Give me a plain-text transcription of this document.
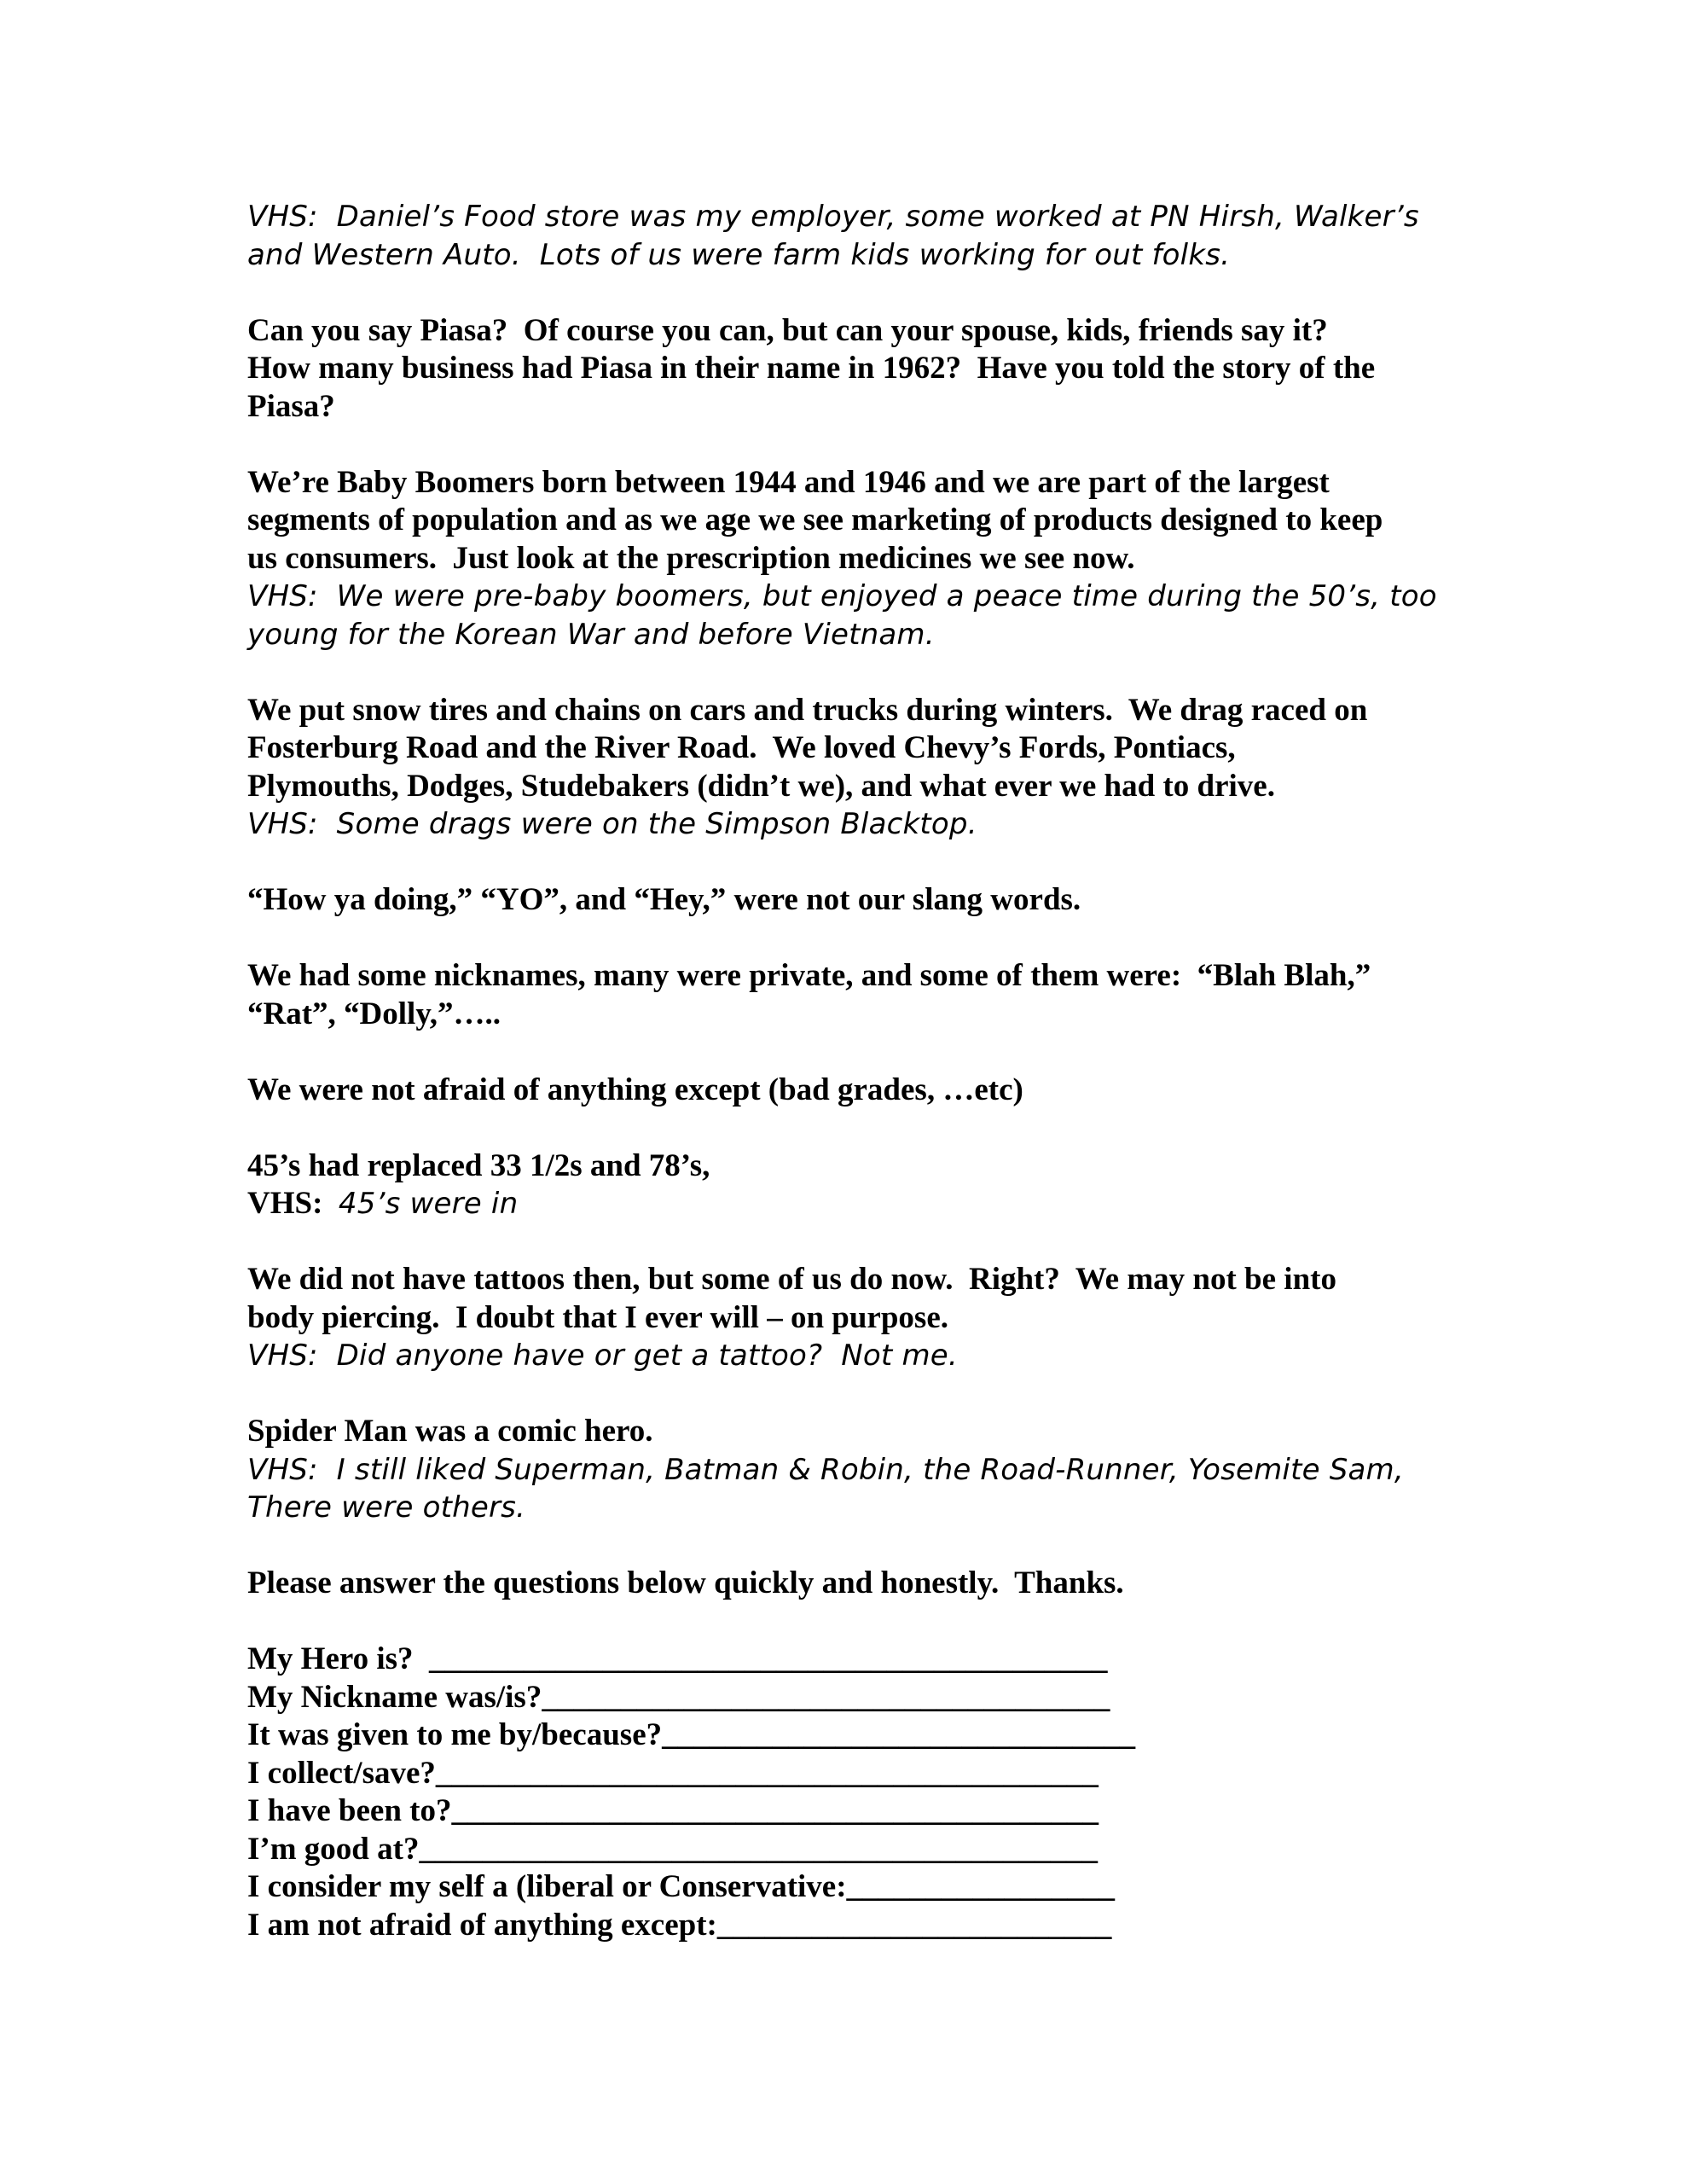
VHS:  Daniel’s Food store was my employer, some worked at PN Hirsh, Walker’s
and Western Auto.  Lots of us were farm kids working for out folks.
Can you say Piasa?  Of course you can, but can your spouse, kids, friends say it?
How many business had Piasa in their name in 1962?  Have you told the story of the
Piasa?
We’re Baby Boomers born between 1944 and 1946 and we are part of the largest
segments of population and as we age we see marketing of products designed to keep
us consumers.  Just look at the prescription medicines we see now.
VHS:  We were pre-baby boomers, but enjoyed a peace time during the 50’s, too
young for the Korean War and before Vietnam.
We put snow tires and chains on cars and trucks during winters.  We drag raced on
Fosterburg Road and the River Road.  We loved Chevy’s Fords, Pontiacs,
Plymouths, Dodges, Studebakers (didn’t we), and what ever we had to drive.
VHS:  Some drags were on the Simpson Blacktop.
“How ya doing,” “YO”, and “Hey,” were not our slang words.
We had some nicknames, many were private, and some of them were:  “Blah Blah,”
“Rat”, “Dolly,”…..
We were not afraid of anything except (bad grades, …etc)
45’s had replaced 33 1/2s and 78’s,
VHS:  45’s were in
We did not have tattoos then, but some of us do now.  Right?  We may not be into
body piercing.  I doubt that I ever will – on purpose.
VHS:  Did anyone have or get a tattoo?  Not me.
Spider Man was a comic hero.
VHS:  I still liked Superman, Batman & Robin, the Road-Runner, Yosemite Sam,
There were others.
Please answer the questions below quickly and honestly.  Thanks.
My Hero is?  ___________________________________________
My Nickname was/is?____________________________________
It was given to me by/because?______________________________
I collect/save?__________________________________________
I have been to?_________________________________________
I’m good at?___________________________________________
I consider my self a (liberal or Conservative:_________________
I am not afraid of anything except:_________________________
